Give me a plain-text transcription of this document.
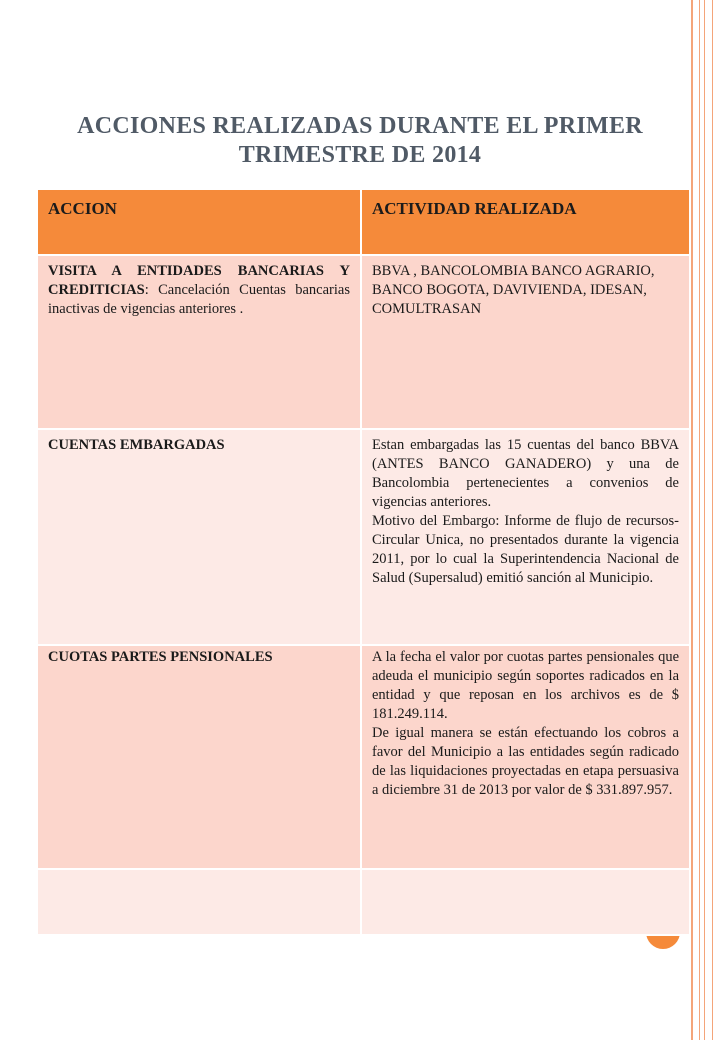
ACCIONES REALIZADAS DURANTE EL PRIMER
TRIMESTRE DE 2014
ACCION	ACTIVIDAD REALIZADA

VISITA A ENTIDADES BANCARIAS Y CREDITICIAS: Cancelación Cuentas bancarias inactivas de vigencias anteriores .	BBVA , BANCOLOMBIA BANCO AGRARIO, BANCO BOGOTA, DAVIVIENDA, IDESAN, COMULTRASAN

CUENTAS EMBARGADAS	Estan embargadas las 15 cuentas del banco BBVA (ANTES BANCO GANADERO) y una de Bancolombia pertenecientes a convenios de vigencias anteriores.
Motivo del Embargo: Informe de flujo de recursos- Circular Unica, no presentados durante la vigencia 2011, por lo cual la Superintendencia Nacional de Salud (Supersalud) emitió sanción al Municipio.

CUOTAS PARTES PENSIONALES	A la fecha el valor por cuotas partes pensionales que adeuda el municipio según soportes radicados en la entidad y que reposan en los archivos es de $ 181.249.114.
De igual manera se están efectuando los cobros a favor del Municipio a las entidades según radicado de las liquidaciones proyectadas en etapa persuasiva a diciembre 31 de 2013 por valor de $ 331.897.957.
